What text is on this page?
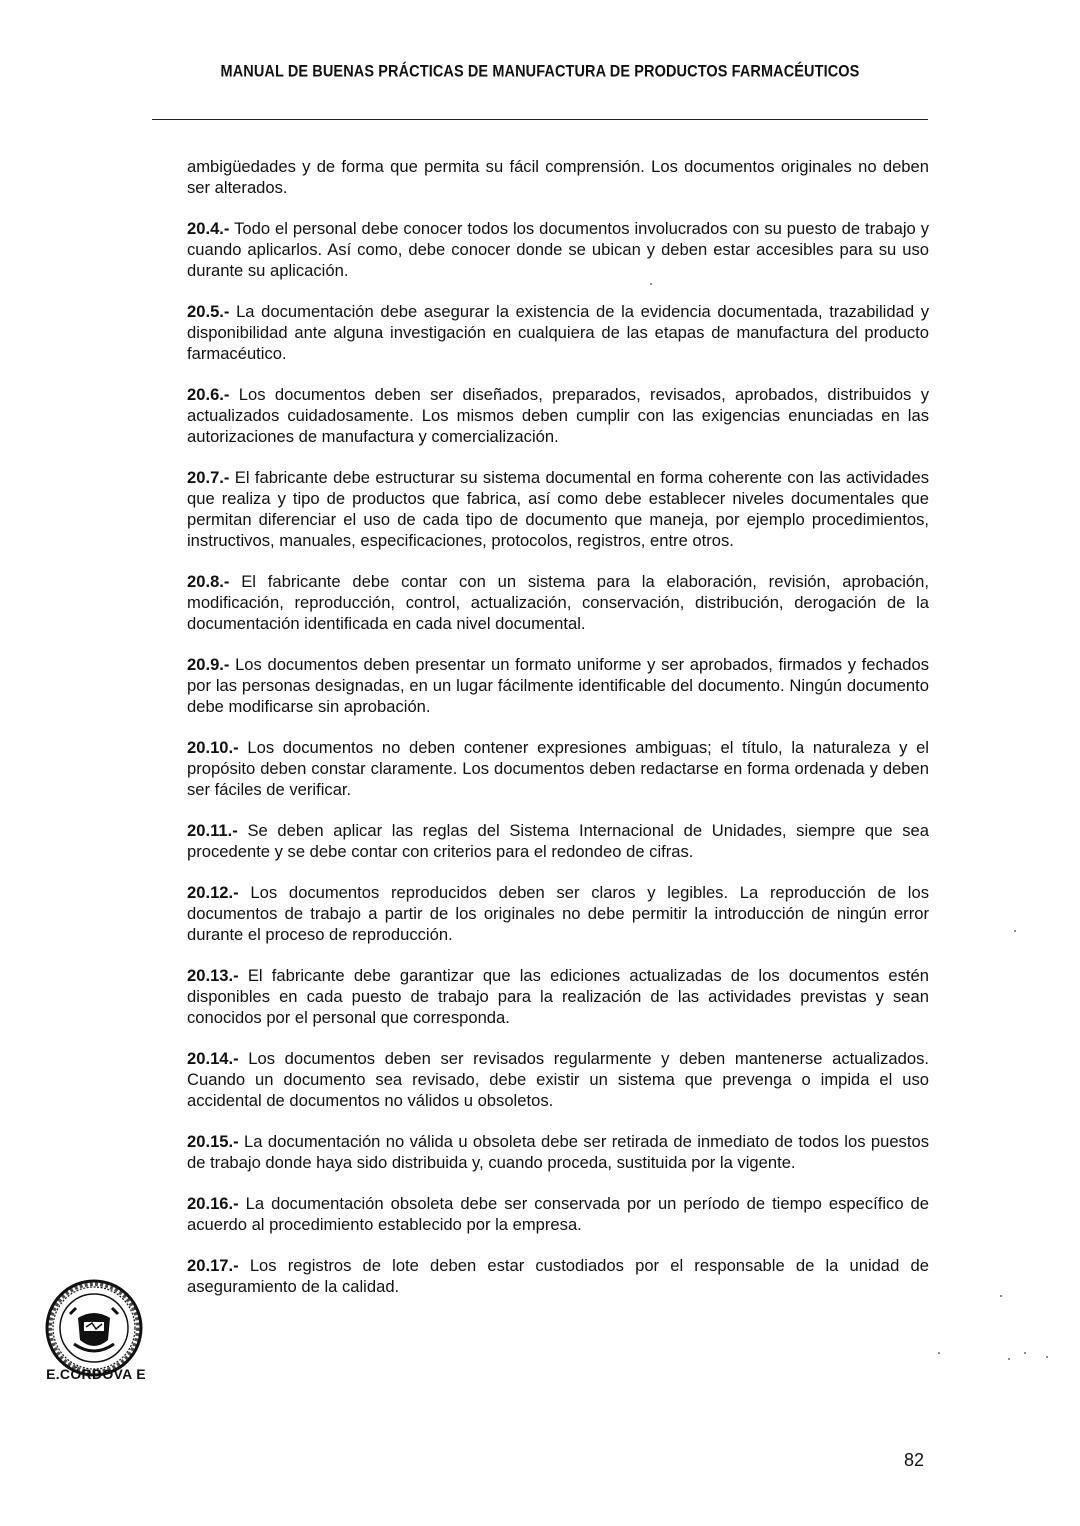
MANUAL DE BUENAS PRÁCTICAS DE MANUFACTURA DE PRODUCTOS FARMACÉUTICOS

ambigüedades y de forma que permita su fácil comprensión. Los documentos originales no deben ser alterados.

20.4.- Todo el personal debe conocer todos los documentos involucrados con su puesto de trabajo y cuando aplicarlos. Así como, debe conocer donde se ubican y deben estar accesibles para su uso durante su aplicación.

20.5.- La documentación debe asegurar la existencia de la evidencia documentada, trazabilidad y disponibilidad ante alguna investigación en cualquiera de las etapas de manufactura del producto farmacéutico.

20.6.- Los documentos deben ser diseñados, preparados, revisados, aprobados, distribuidos y actualizados cuidadosamente. Los mismos deben cumplir con las exigencias enunciadas en las autorizaciones de manufactura y comercialización.

20.7.- El fabricante debe estructurar su sistema documental en forma coherente con las actividades que realiza y tipo de productos que fabrica, así como debe establecer niveles documentales que permitan diferenciar el uso de cada tipo de documento que maneja, por ejemplo procedimientos, instructivos, manuales, especificaciones, protocolos, registros, entre otros.

20.8.- El fabricante debe contar con un sistema para la elaboración, revisión, aprobación, modificación, reproducción, control, actualización, conservación, distribución, derogación de la documentación identificada en cada nivel documental.

20.9.- Los documentos deben presentar un formato uniforme y ser aprobados, firmados y fechados por las personas designadas, en un lugar fácilmente identificable del documento. Ningún documento debe modificarse sin aprobación.

20.10.- Los documentos no deben contener expresiones ambiguas; el título, la naturaleza y el propósito deben constar claramente. Los documentos deben redactarse en forma ordenada y deben ser fáciles de verificar.

20.11.- Se deben aplicar las reglas del Sistema Internacional de Unidades, siempre que sea procedente y se debe contar con criterios para el redondeo de cifras.

20.12.- Los documentos reproducidos deben ser claros y legibles. La reproducción de los documentos de trabajo a partir de los originales no debe permitir la introducción de ningún error durante el proceso de reproducción.

20.13.- El fabricante debe garantizar que las ediciones actualizadas de los documentos estén disponibles en cada puesto de trabajo para la realización de las actividades previstas y sean conocidos por el personal que corresponda.

20.14.- Los documentos deben ser revisados regularmente y deben mantenerse actualizados. Cuando un documento sea revisado, debe existir un sistema que prevenga o impida el uso accidental de documentos no válidos u obsoletos.

20.15.- La documentación no válida u obsoleta debe ser retirada de inmediato de todos los puestos de trabajo donde haya sido distribuida y, cuando proceda, sustituida por la vigente.

20.16.- La documentación obsoleta debe ser conservada por un período de tiempo específico de acuerdo al procedimiento establecido por la empresa.

20.17.- Los registros de lote deben estar custodiados por el responsable de la unidad de aseguramiento de la calidad.

E.CÓRDOVA E
82
